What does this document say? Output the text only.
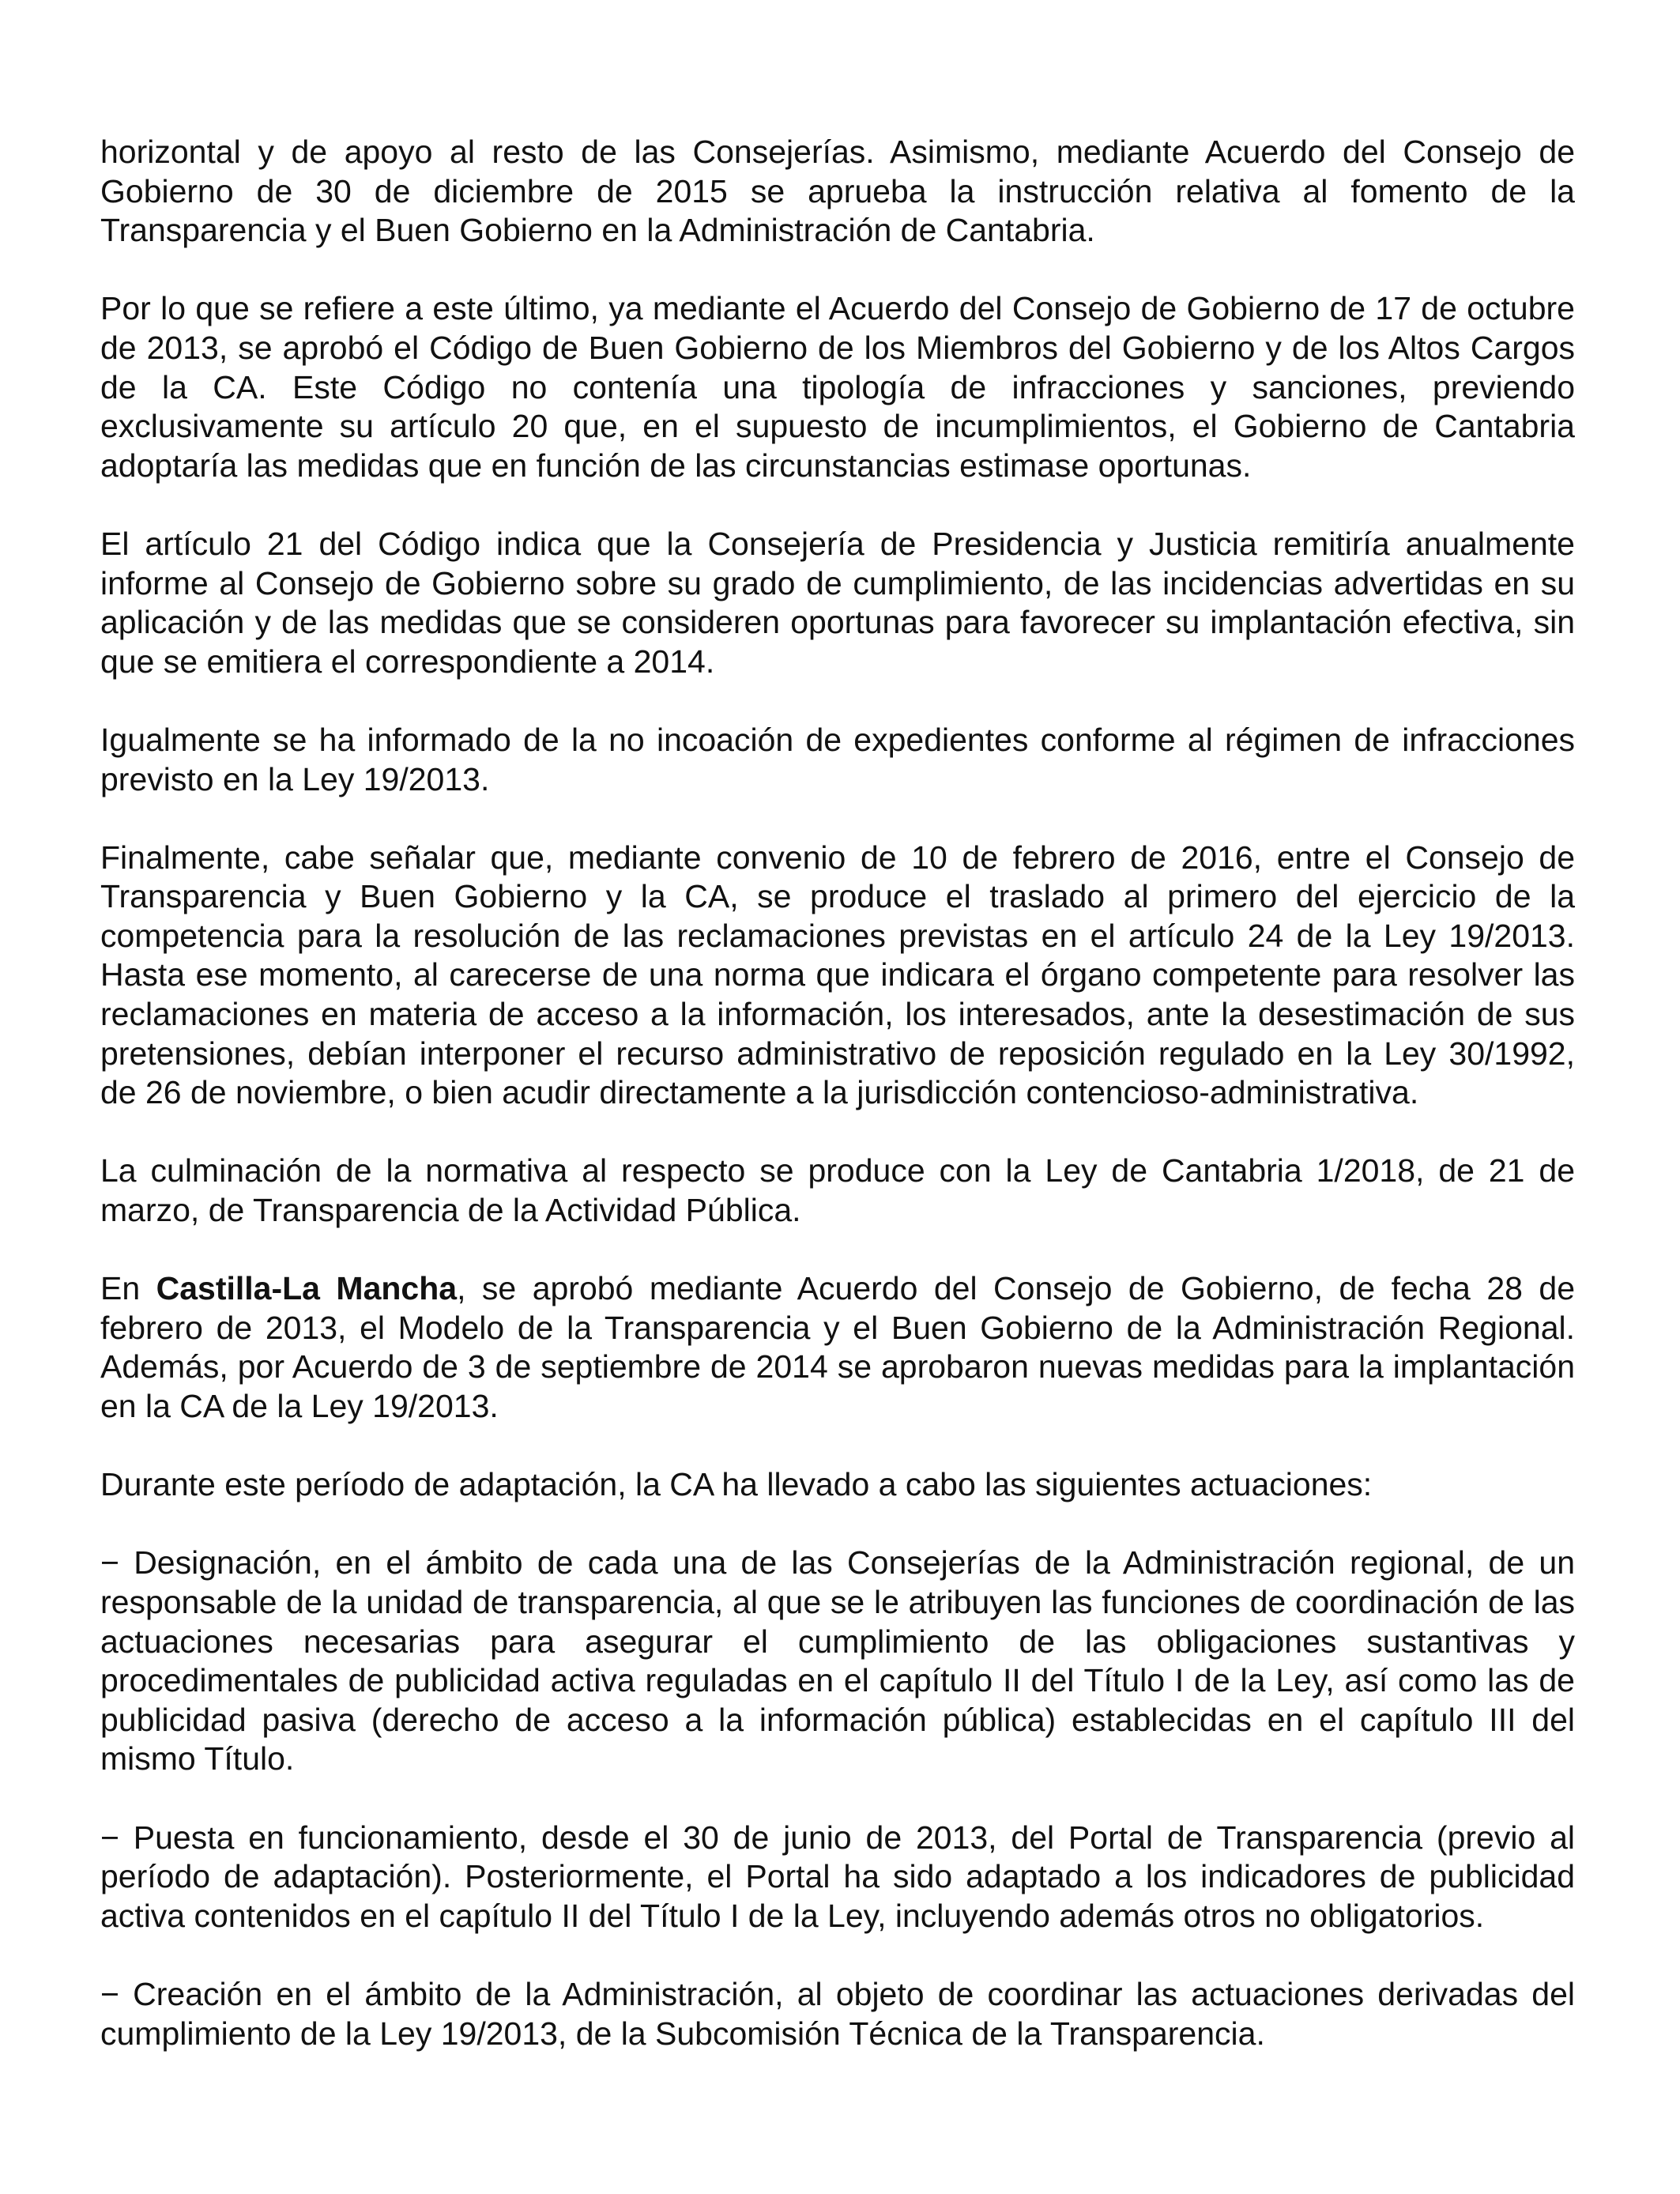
horizontal y de apoyo al resto de las Consejerías. Asimismo, mediante Acuerdo del Consejo de Gobierno de 30 de diciembre de 2015 se aprueba la instrucción relativa al fomento de la Transparencia y el Buen Gobierno en la Administración de Cantabria.

Por lo que se refiere a este último, ya mediante el Acuerdo del Consejo de Gobierno de 17 de octubre de 2013, se aprobó el Código de Buen Gobierno de los Miembros del Gobierno y de los Altos Cargos de la CA. Este Código no contenía una tipología de infracciones y sanciones, previendo exclusivamente su artículo 20 que, en el supuesto de incumplimientos, el Gobierno de Cantabria adoptaría las medidas que en función de las circunstancias estimase oportunas.

El artículo 21 del Código indica que la Consejería de Presidencia y Justicia remitiría anualmente informe al Consejo de Gobierno sobre su grado de cumplimiento, de las incidencias advertidas en su aplicación y de las medidas que se consideren oportunas para favorecer su implantación efectiva, sin que se emitiera el correspondiente a 2014.

Igualmente se ha informado de la no incoación de expedientes conforme al régimen de infracciones previsto en la Ley 19/2013.

Finalmente, cabe señalar que, mediante convenio de 10 de febrero de 2016, entre el Consejo de Transparencia y Buen Gobierno y la CA, se produce el traslado al primero del ejercicio de la competencia para la resolución de las reclamaciones previstas en el artículo 24 de la Ley 19/2013. Hasta ese momento, al carecerse de una norma que indicara el órgano competente para resolver las reclamaciones en materia de acceso a la información, los interesados, ante la desestimación de sus pretensiones, debían interponer el recurso administrativo de reposición regulado en la Ley 30/1992, de 26 de noviembre, o bien acudir directamente a la jurisdicción contencioso-administrativa.

La culminación de la normativa al respecto se produce con la Ley de Cantabria 1/2018, de 21 de marzo, de Transparencia de la Actividad Pública.

En Castilla-La Mancha, se aprobó mediante Acuerdo del Consejo de Gobierno, de fecha 28 de febrero de 2013, el Modelo de la Transparencia y el Buen Gobierno de la Administración Regional. Además, por Acuerdo de 3 de septiembre de 2014 se aprobaron nuevas medidas para la implantación en la CA de la Ley 19/2013.

Durante este período de adaptación, la CA ha llevado a cabo las siguientes actuaciones:

− Designación, en el ámbito de cada una de las Consejerías de la Administración regional, de un responsable de la unidad de transparencia, al que se le atribuyen las funciones de coordinación de las actuaciones necesarias para asegurar el cumplimiento de las obligaciones sustantivas y procedimentales de publicidad activa reguladas en el capítulo II del Título I de la Ley, así como las de publicidad pasiva (derecho de acceso a la información pública) establecidas en el capítulo III del mismo Título.

− Puesta en funcionamiento, desde el 30 de junio de 2013, del Portal de Transparencia (previo al período de adaptación). Posteriormente, el Portal ha sido adaptado a los indicadores de publicidad activa contenidos en el capítulo II del Título I de la Ley, incluyendo además otros no obligatorios.

− Creación en el ámbito de la Administración, al objeto de coordinar las actuaciones derivadas del cumplimiento de la Ley 19/2013, de la Subcomisión Técnica de la Transparencia.
